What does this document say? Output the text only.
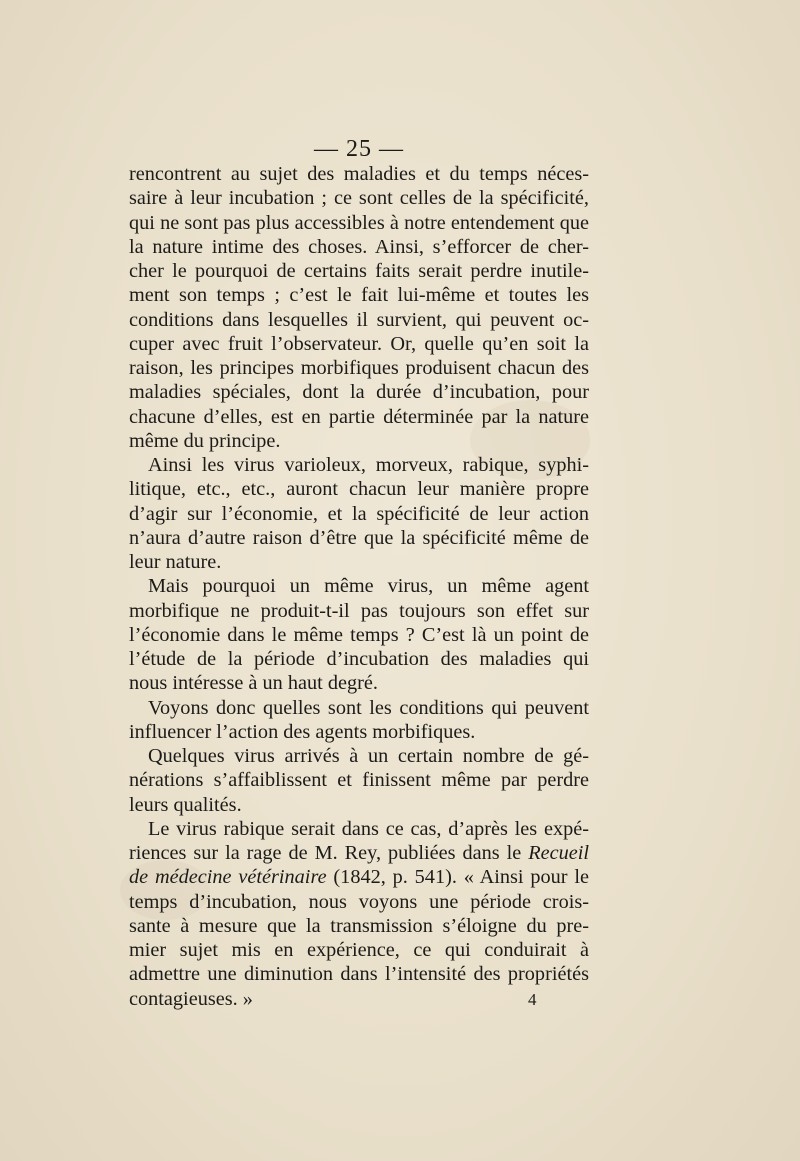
— 25 —
rencontrent au sujet des maladies et du temps néces-
saire à leur incubation ; ce sont celles de la spécificité,
qui ne sont pas plus accessibles à notre entendement que
la nature intime des choses. Ainsi, s’efforcer de cher-
cher le pourquoi de certains faits serait perdre inutile-
ment son temps ; c’est le fait lui-même et toutes les
conditions dans lesquelles il survient, qui peuvent oc-
cuper avec fruit l’observateur. Or, quelle qu’en soit la
raison, les principes morbifiques produisent chacun des
maladies spéciales, dont la durée d’incubation, pour
chacune d’elles, est en partie déterminée par la nature
même du principe.
Ainsi les virus varioleux, morveux, rabique, syphi-
litique, etc., etc., auront chacun leur manière propre
d’agir sur l’économie, et la spécificité de leur action
n’aura d’autre raison d’être que la spécificité même de
leur nature.
Mais pourquoi un même virus, un même agent
morbifique ne produit-t-il pas toujours son effet sur
l’économie dans le même temps ? C’est là un point de
l’étude de la période d’incubation des maladies qui
nous intéresse à un haut degré.
Voyons donc quelles sont les conditions qui peuvent
influencer l’action des agents morbifiques.
Quelques virus arrivés à un certain nombre de gé-
nérations s’affaiblissent et finissent même par perdre
leurs qualités.
Le virus rabique serait dans ce cas, d’après les expé-
riences sur la rage de M. Rey, publiées dans le Recueil
de médecine vétérinaire (1842, p. 541). « Ainsi pour le
temps d’incubation, nous voyons une période crois-
sante à mesure que la transmission s’éloigne du pre-
mier sujet mis en expérience, ce qui conduirait à
admettre une diminution dans l’intensité des propriétés
contagieuses. »	4
